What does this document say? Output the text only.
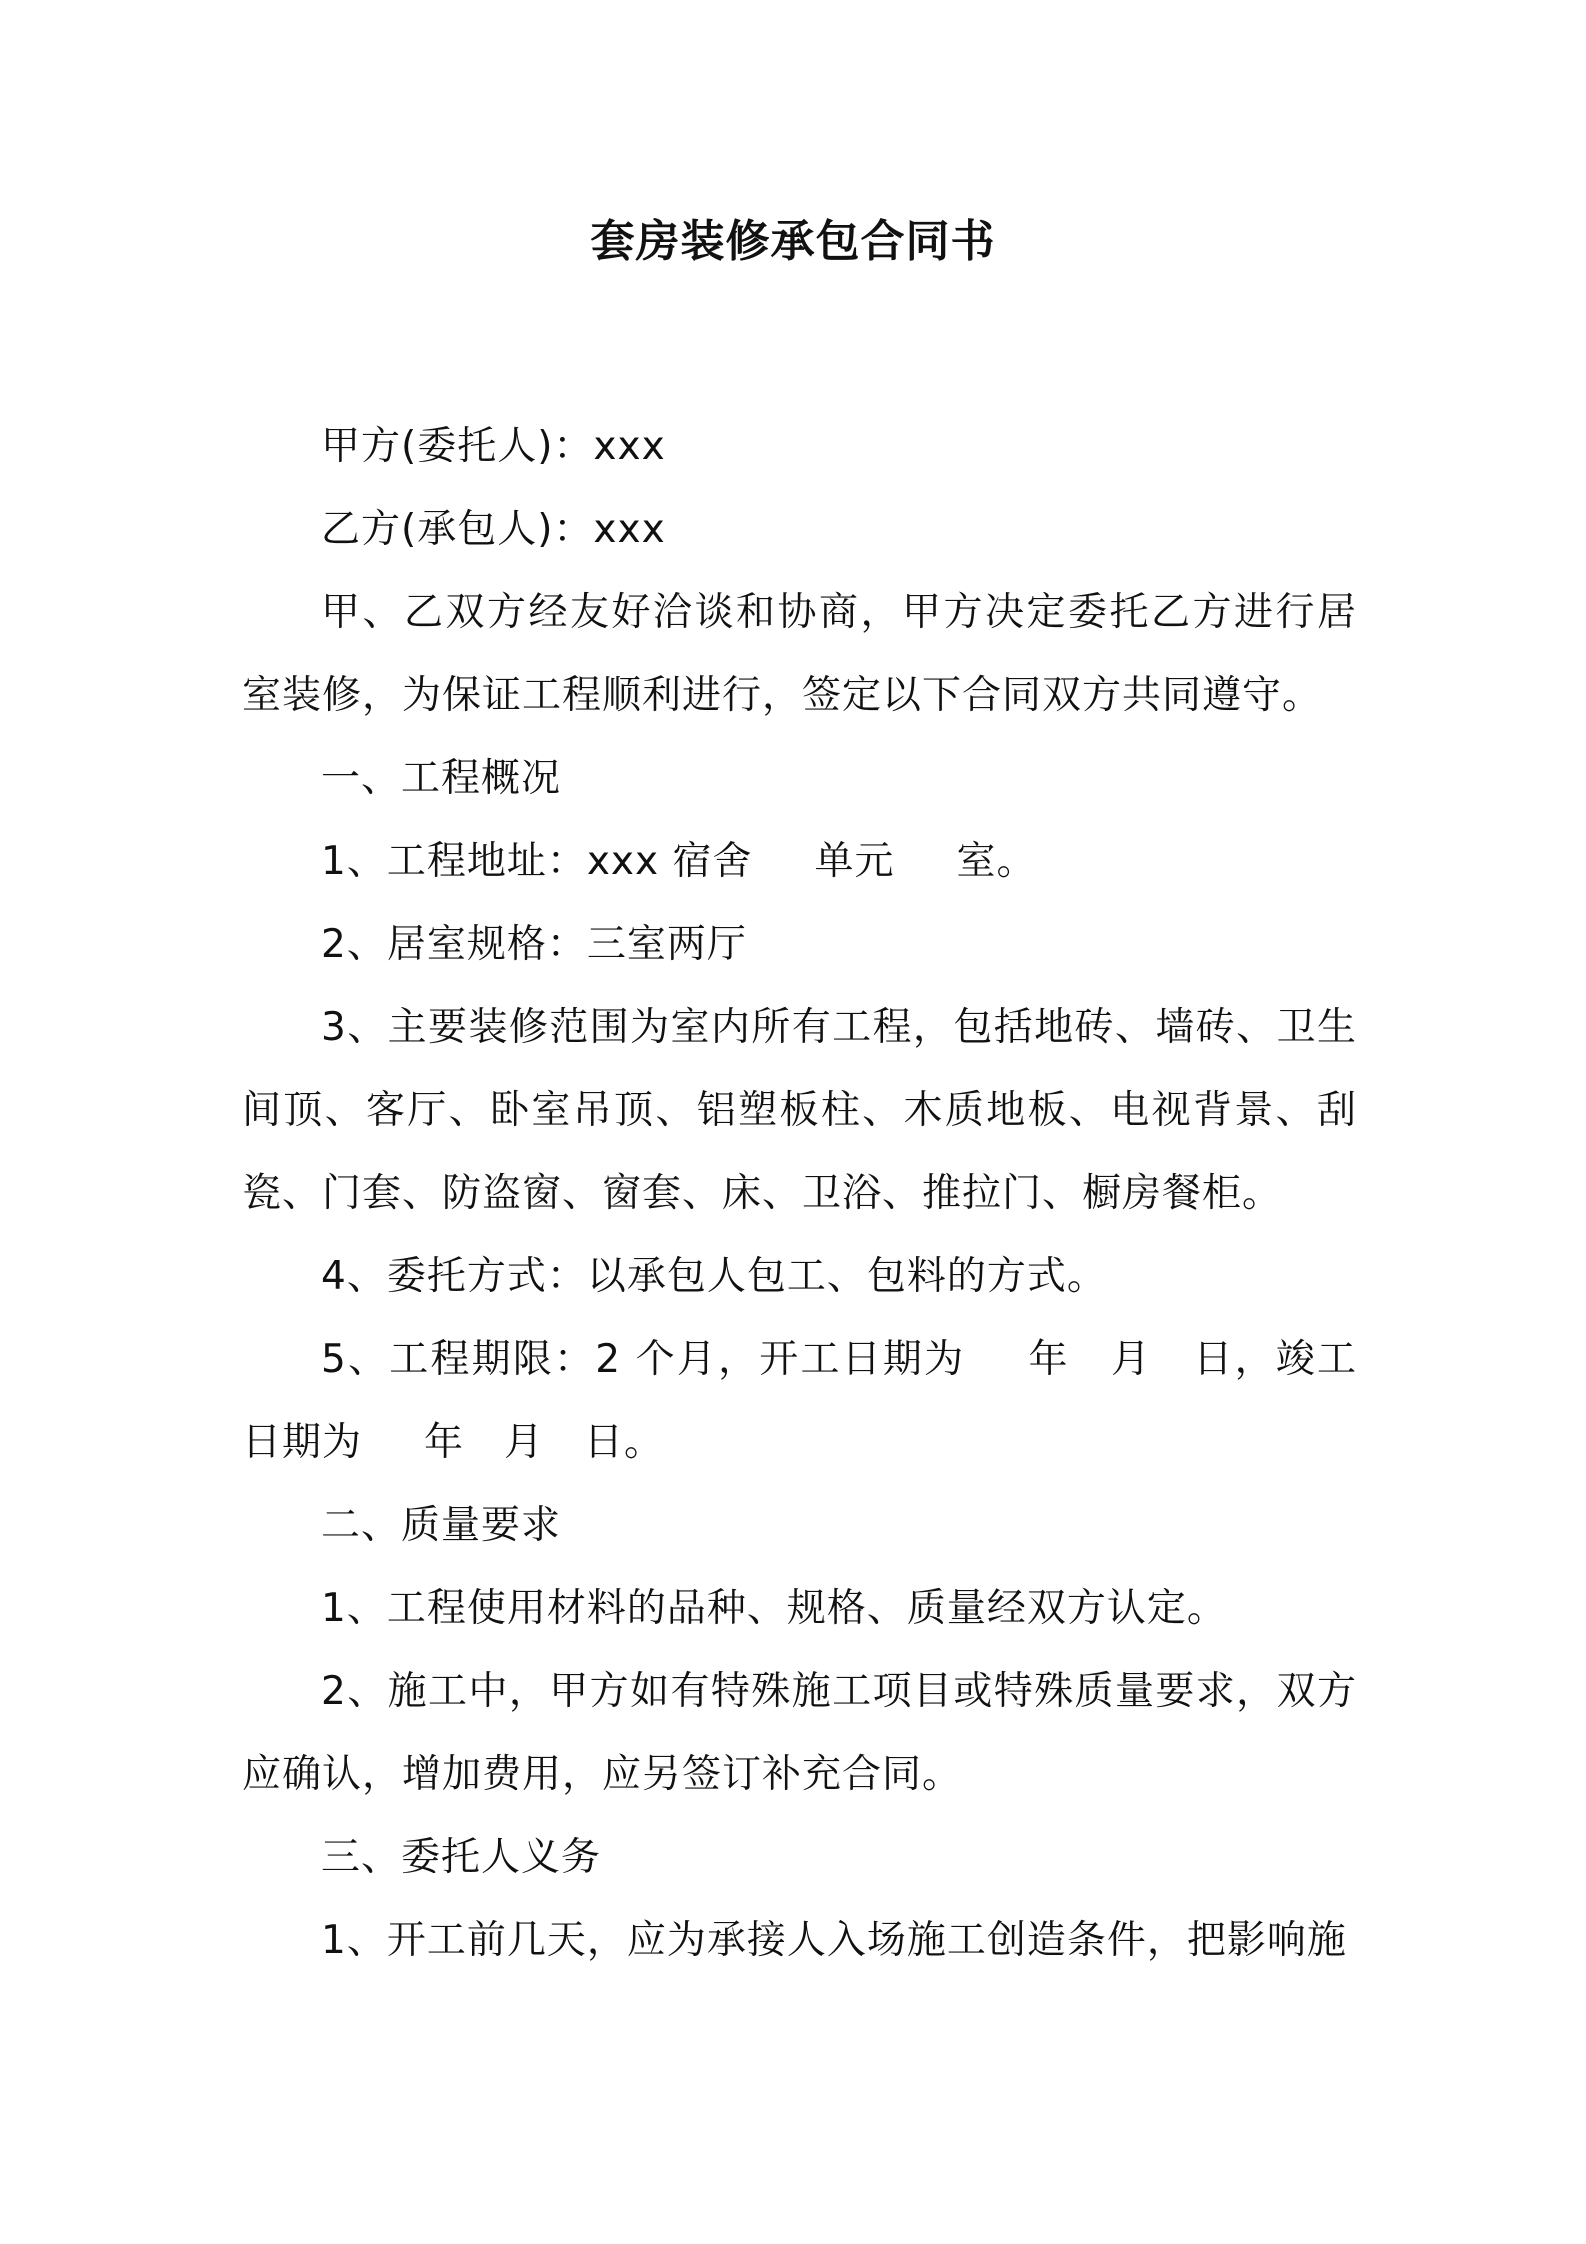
套房装修承包合同书

甲方(委托人)：xxx

乙方(承包人)：xxx

甲、乙双方经友好洽谈和协商，甲方决定委托乙方进行居室装修，为保证工程顺利进行，签定以下合同双方共同遵守。

一、工程概况

1、工程地址：xxx 宿舍 单元 室。

2、居室规格：三室两厅

3、主要装修范围为室内所有工程，包括地砖、墙砖、卫生间顶、客厅、卧室吊顶、铝塑板柱、木质地板、电视背景、刮瓷、门套、防盗窗、窗套、床、卫浴、推拉门、橱房餐柜。

4、委托方式：以承包人包工、包料的方式。

5、工程期限：2 个月，开工日期为 年 月 日，竣工日期为 年 月 日。

二、质量要求

1、工程使用材料的品种、规格、质量经双方认定。

2、施工中，甲方如有特殊施工项目或特殊质量要求，双方应确认，增加费用，应另签订补充合同。

三、委托人义务

1、开工前几天，应为承接人入场施工创造条件，把影响施
